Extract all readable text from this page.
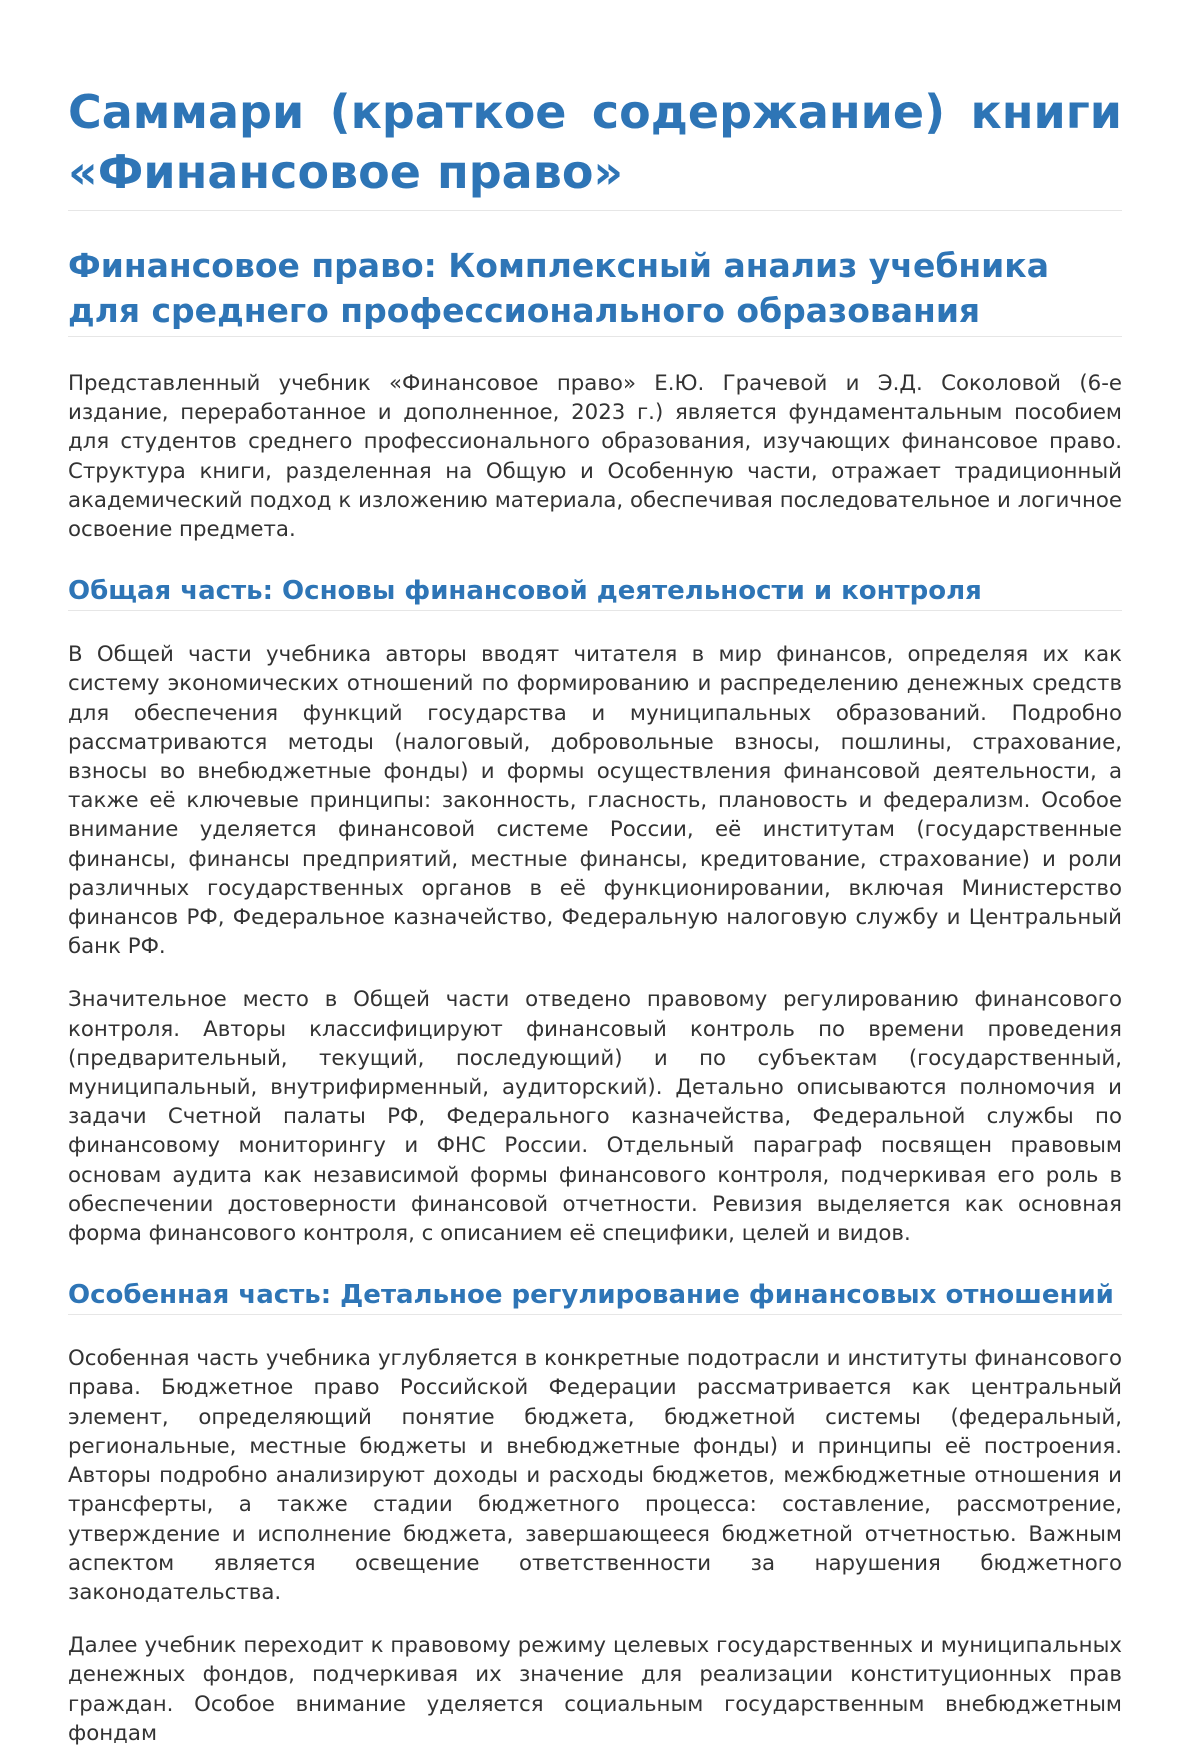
Саммари (краткое содержание) книги «Финансовое право»
Финансовое право: Комплексный анализ учебника для среднего профессионального образования

Представленный учебник «Финансовое право» Е.Ю. Грачевой и Э.Д. Соколовой (6-е издание, переработанное и дополненное, 2023 г.) является фундаментальным пособием для студентов среднего профессионального образования, изучающих финансовое право. Структура книги, разделенная на Общую и Особенную части, отражает традиционный академический подход к изложению материала, обеспечивая последовательное и логичное освоение предмета.

Общая часть: Основы финансовой деятельности и контроля

В Общей части учебника авторы вводят читателя в мир финансов, определяя их как систему экономических отношений по формированию и распределению денежных средств для обеспечения функций государства и муниципальных образований. Подробно рассматриваются методы (налоговый, добровольные взносы, пошлины, страхование, взносы во внебюджетные фонды) и формы осуществления финансовой деятельности, а также её ключевые принципы: законность, гласность, плановость и федерализм. Особое внимание уделяется финансовой системе России, её институтам (государственные финансы, финансы предприятий, местные финансы, кредитование, страхование) и роли различных государственных органов в её функционировании, включая Министерство финансов РФ, Федеральное казначейство, Федеральную налоговую службу и Центральный банк РФ.

Значительное место в Общей части отведено правовому регулированию финансового контроля. Авторы классифицируют финансовый контроль по времени проведения (предварительный, текущий, последующий) и по субъектам (государственный, муниципальный, внутрифирменный, аудиторский). Детально описываются полномочия и задачи Счетной палаты РФ, Федерального казначейства, Федеральной службы по финансовому мониторингу и ФНС России. Отдельный параграф посвящен правовым основам аудита как независимой формы финансового контроля, подчеркивая его роль в обеспечении достоверности финансовой отчетности. Ревизия выделяется как основная форма финансового контроля, с описанием её специфики, целей и видов.

Особенная часть: Детальное регулирование финансовых отношений

Особенная часть учебника углубляется в конкретные подотрасли и институты финансового права. Бюджетное право Российской Федерации рассматривается как центральный элемент, определяющий понятие бюджета, бюджетной системы (федеральный, региональные, местные бюджеты и внебюджетные фонды) и принципы её построения. Авторы подробно анализируют доходы и расходы бюджетов, межбюджетные отношения и трансферты, а также стадии бюджетного процесса: составление, рассмотрение, утверждение и исполнение бюджета, завершающееся бюджетной отчетностью. Важным аспектом является освещение ответственности за нарушения бюджетного законодательства.

Далее учебник переходит к правовому режиму целевых государственных и муниципальных денежных фондов, подчеркивая их значение для реализации конституционных прав граждан. Особое внимание уделяется социальным государственным внебюджетным фондам
